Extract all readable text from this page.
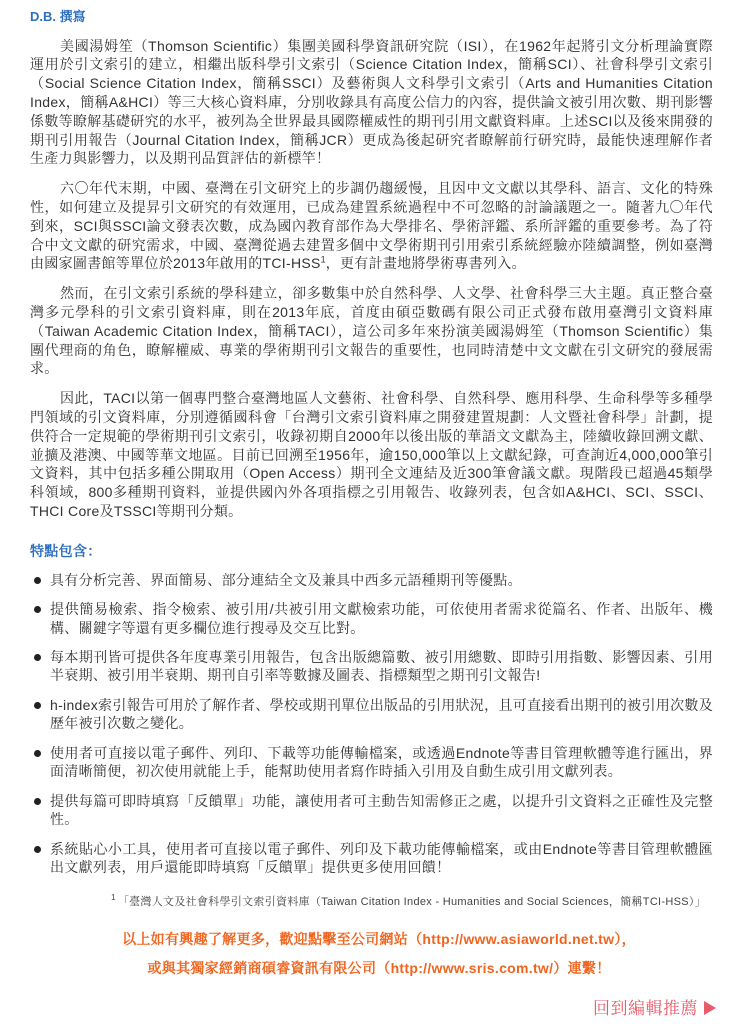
D.B. 撰寫

美國湯姆笙（Thomson Scientific）集團美國科學資訊研究院（ISI），在1962年起將引文分析理論實際運用於引文索引的建立，相繼出版科學引文索引（Science Citation Index，簡稱SCI）、社會科學引文索引（Social Science Citation Index，簡稱SSCI）及藝術與人文科學引文索引（Arts and Humanities Citation Index，簡稱A&HCI）等三大核心資料庫，分別收錄具有高度公信力的內容，提供論文被引用次數、期刊影響係數等瞭解基礎研究的水平，被列為全世界最具國際權威性的期刊引用文獻資料庫。上述SCI以及後來開發的期刊引用報告（Journal Citation Index，簡稱JCR）更成為後起研究者瞭解前行研究時，最能快速理解作者生產力與影響力，以及期刊品質評估的新標竿！

六〇年代末期，中國、臺灣在引文研究上的步調仍趨緩慢，且因中文文獻以其學科、語言、文化的特殊性，如何建立及提昇引文研究的有效運用，已成為建置系統過程中不可忽略的討論議題之一。隨著九〇年代到來，SCI與SSCI論文發表次數，成為國內教育部作為大學排名、學術評鑑、系所評鑑的重要參考。為了符合中文文獻的研究需求，中國、臺灣從過去建置多個中文學術期刊引用索引系統經驗亦陸續調整，例如臺灣由國家圖書館等單位於2013年啟用的TCI-HSS$^1$，更有計畫地將學術專書列入。

然而，在引文索引系統的學科建立，卻多數集中於自然科學、人文學、社會科學三大主題。真正整合臺灣多元學科的引文索引資料庫，則在2013年底，首度由碩亞數碼有限公司正式發布啟用臺灣引文資料庫（Taiwan Academic Citation Index，簡稱TACI），這公司多年來扮演美國湯姆笙（Thomson Scientific）集團代理商的角色，瞭解權威、專業的學術期刊引文報告的重要性，也同時清楚中文文獻在引文研究的發展需求。

因此，TACI以第一個專門整合臺灣地區人文藝術、社會科學、自然科學、應用科學、生命科學等多種學門領域的引文資料庫，分別遵循國科會「台灣引文索引資料庫之開發建置規劃：人文暨社會科學」計劃，提供符合一定規範的學術期刊引文索引，收錄初期自2000年以後出版的華語文文獻為主，陸續收錄回溯文獻、並擴及港澳、中國等華文地區。目前已回溯至1956年，逾150,000筆以上文獻紀錄，可查詢近4,000,000筆引文資料，其中包括多種公開取用（Open Access）期刊全文連結及近300筆會議文獻。現階段已超過45類學科領域，800多種期刊資料，並提供國內外各項指標之引用報告、收錄列表，包含如A&HCI、SCI、SSCI、THCI Core及TSSCI等期刊分類。

特點包含：
具有分析完善、界面簡易、部分連結全文及兼具中西多元語種期刊等優點。
提供簡易檢索、指令檢索、被引用/共被引用文獻檢索功能，可依使用者需求從篇名、作者、出版年、機構、關鍵字等還有更多欄位進行搜尋及交互比對。
每本期刊皆可提供各年度專業引用報告，包含出版總篇數、被引用總數、即時引用指數、影響因素、引用半衰期、被引用半衰期、期刊自引率等數據及圖表、指標類型之期刊引文報告!
h-index索引報告可用於了解作者、學校或期刊單位出版品的引用狀況，且可直接看出期刊的被引用次數及歷年被引次數之變化。
使用者可直接以電子郵件、列印、下載等功能傳輸檔案，或透過Endnote等書目管理軟體等進行匯出，界面清晰簡便，初次使用就能上手，能幫助使用者寫作時插入引用及自動生成引用文獻列表。
提供每篇可即時填寫「反饋單」功能，讓使用者可主動告知需修正之處，以提升引文資料之正確性及完整性。
系統貼心小工具，使用者可直接以電子郵件、列印及下載功能傳輸檔案，或由Endnote等書目管理軟體匯出文獻列表，用戶還能即時填寫「反饋單」提供更多使用回饋！
$^1$ 「臺灣人文及社會科學引文索引資料庫（Taiwan Citation Index - Humanities and Social Sciences，簡稱TCI-HSS）」
以上如有興趣了解更多，歡迎點擊至公司網站（http://www.asiaworld.net.tw），
或與其獨家經銷商碩睿資訊有限公司（http://www.sris.com.tw/）連繫！
回到編輯推薦
